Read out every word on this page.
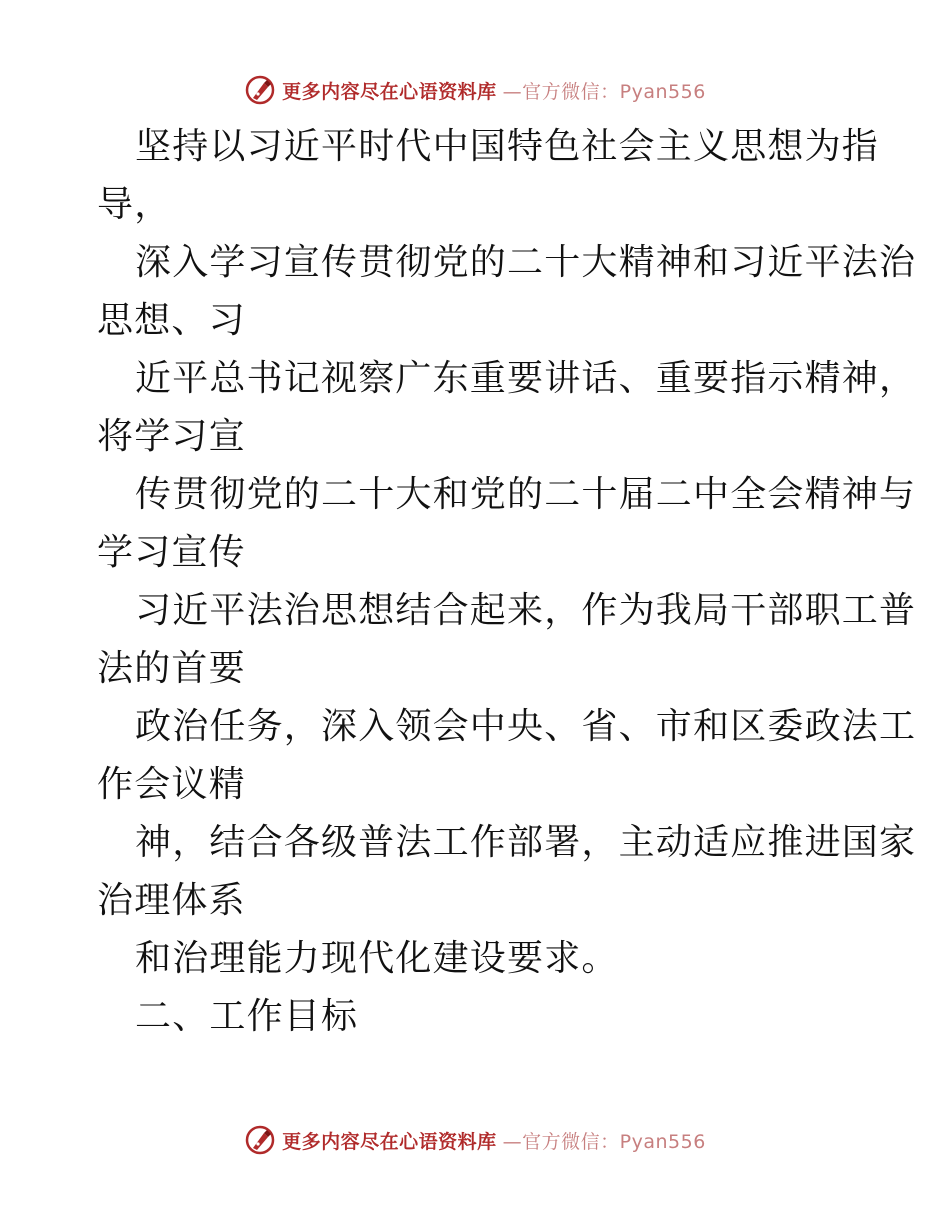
更多内容尽在心语资料库 —官方微信：Pyan556
坚持以习近平时代中国特色社会主义思想为指
导，
深入学习宣传贯彻党的二十大精神和习近平法治
思想、习
近平总书记视察广东重要讲话、重要指示精神，
将学习宣
传贯彻党的二十大和党的二十届二中全会精神与
学习宣传
习近平法治思想结合起来，作为我局干部职工普
法的首要
政治任务，深入领会中央、省、市和区委政法工
作会议精
神，结合各级普法工作部署，主动适应推进国家
治理体系
和治理能力现代化建设要求。
二、工作目标
更多内容尽在心语资料库 —官方微信：Pyan556
